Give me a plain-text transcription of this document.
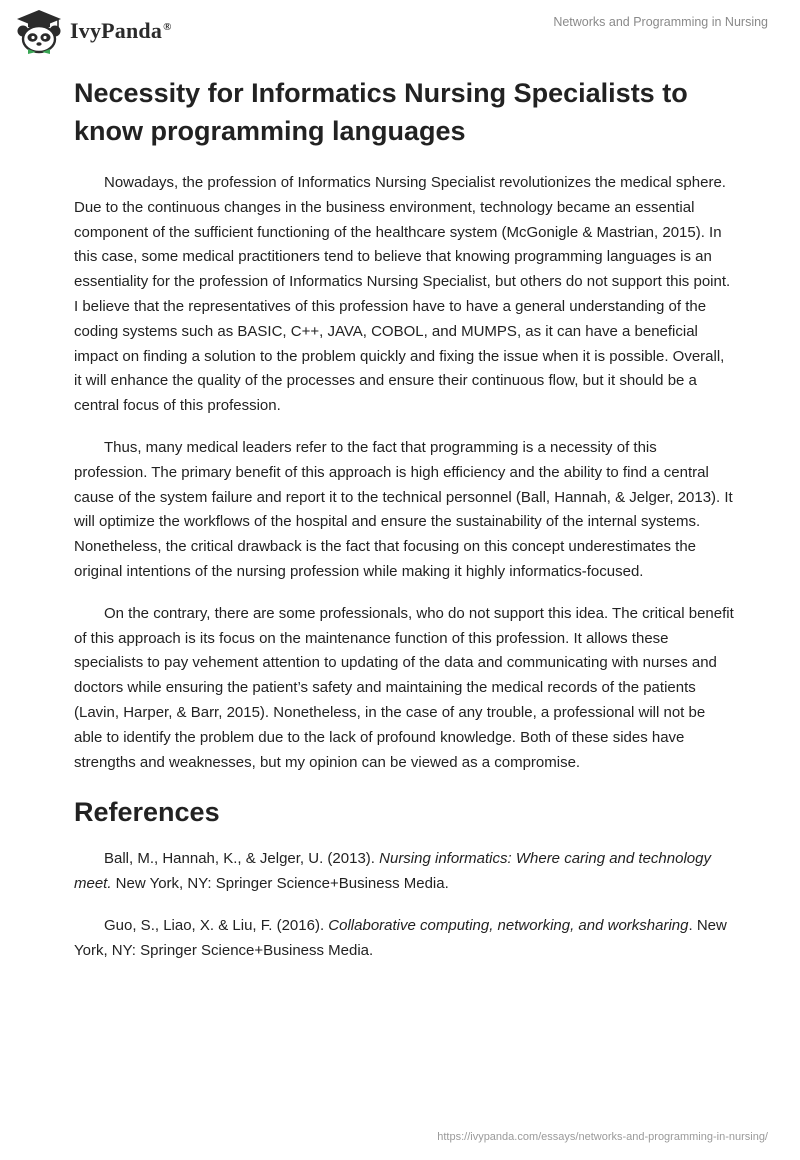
IvyPanda®	Networks and Programming in Nursing
Necessity for Informatics Nursing Specialists to know programming languages

Nowadays, the profession of Informatics Nursing Specialist revolutionizes the medical sphere. Due to the continuous changes in the business environment, technology became an essential component of the sufficient functioning of the healthcare system (McGonigle & Mastrian, 2015). In this case, some medical practitioners tend to believe that knowing programming languages is an essentiality for the profession of Informatics Nursing Specialist, but others do not support this point. I believe that the representatives of this profession have to have a general understanding of the coding systems such as BASIC, C++, JAVA, COBOL, and MUMPS, as it can have a beneficial impact on finding a solution to the problem quickly and fixing the issue when it is possible. Overall, it will enhance the quality of the processes and ensure their continuous flow, but it should be a central focus of this profession.

Thus, many medical leaders refer to the fact that programming is a necessity of this profession. The primary benefit of this approach is high efficiency and the ability to find a central cause of the system failure and report it to the technical personnel (Ball, Hannah, & Jelger, 2013). It will optimize the workflows of the hospital and ensure the sustainability of the internal systems. Nonetheless, the critical drawback is the fact that focusing on this concept underestimates the original intentions of the nursing profession while making it highly informatics-focused.

On the contrary, there are some professionals, who do not support this idea. The critical benefit of this approach is its focus on the maintenance function of this profession. It allows these specialists to pay vehement attention to updating of the data and communicating with nurses and doctors while ensuring the patient’s safety and maintaining the medical records of the patients (Lavin, Harper, & Barr, 2015). Nonetheless, in the case of any trouble, a professional will not be able to identify the problem due to the lack of profound knowledge. Both of these sides have strengths and weaknesses, but my opinion can be viewed as a compromise.

References

Ball, M., Hannah, K., & Jelger, U. (2013). Nursing informatics: Where caring and technology meet. New York, NY: Springer Science+Business Media.

Guo, S., Liao, X. & Liu, F. (2016). Collaborative computing, networking, and worksharing. New York, NY: Springer Science+Business Media.

https://ivypanda.com/essays/networks-and-programming-in-nursing/
